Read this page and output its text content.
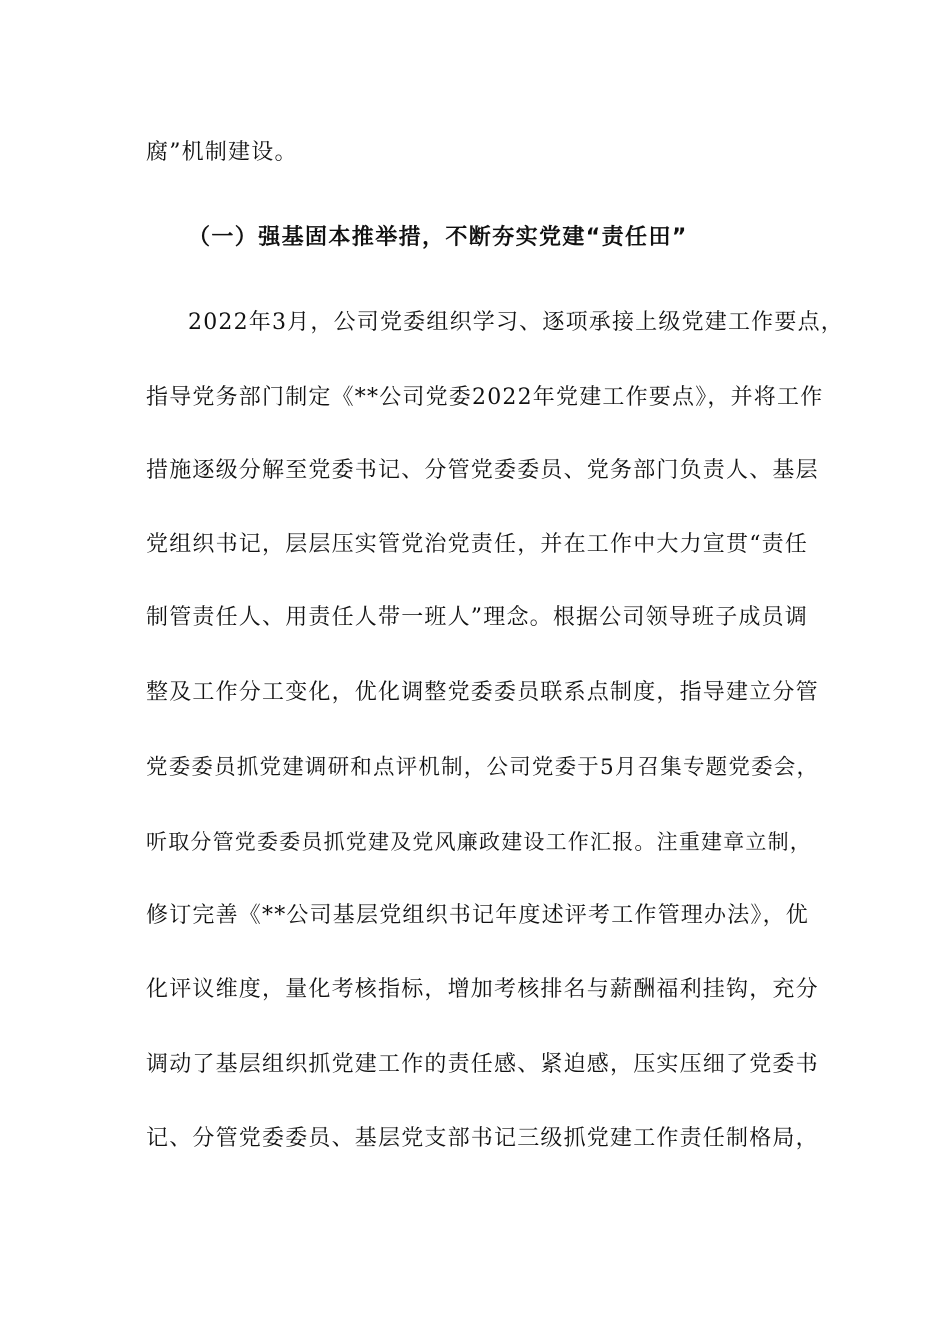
腐”机制建设。
（一）强基固本推举措，不断夯实党建“责任田”
2022年3月，公司党委组织学习、逐项承接上级党建工作要点，
指导党务部门制定《**公司党委2022年党建工作要点》，并将工作
措施逐级分解至党委书记、分管党委委员、党务部门负责人、基层
党组织书记，层层压实管党治党责任，并在工作中大力宣贯“责任
制管责任人、用责任人带一班人”理念。根据公司领导班子成员调
整及工作分工变化，优化调整党委委员联系点制度，指导建立分管
党委委员抓党建调研和点评机制，公司党委于5月召集专题党委会，
听取分管党委委员抓党建及党风廉政建设工作汇报。注重建章立制，
修订完善《**公司基层党组织书记年度述评考工作管理办法》，优
化评议维度，量化考核指标，增加考核排名与薪酬福利挂钩，充分
调动了基层组织抓党建工作的责任感、紧迫感，压实压细了党委书
记、分管党委委员、基层党支部书记三级抓党建工作责任制格局，
